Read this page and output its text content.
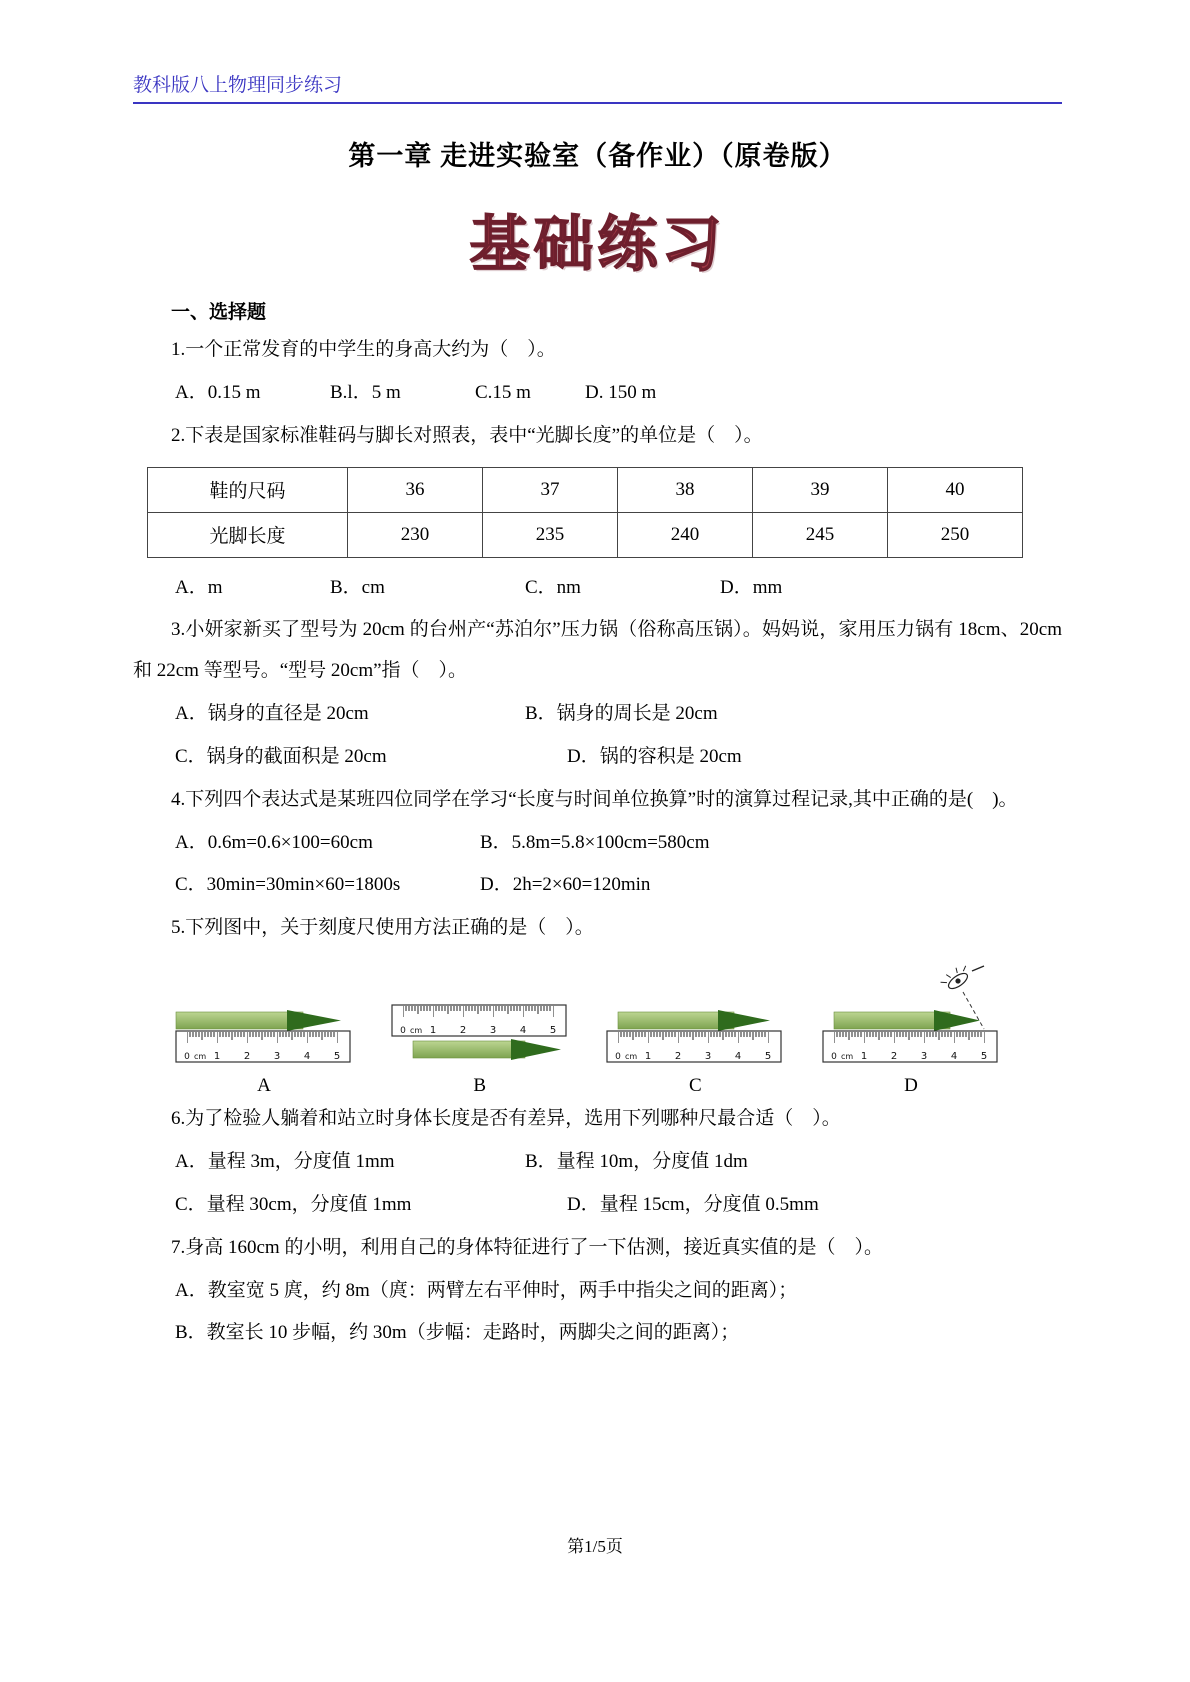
教科版八上物理同步练习
第一章 走进实验室（备作业）（原卷版）
基础练习
一、选择题

1.一个正常发育的中学生的身高大约为（　）。

A．0.15 m	B.l．5 m	C.15 m	D. 150 m

2.下表是国家标准鞋码与脚长对照表，表中“光脚长度”的单位是（　）。

鞋的尺码	36	37	38	39	40
光脚长度	230	235	240	245	250
A．m	B．cm	C．nm	D．mm

3.小妍家新买了型号为 20cm 的台州产“苏泊尔”压力锅（俗称高压锅）。妈妈说，家用压力锅有 18cm、20cm 和 22cm 等型号。“型号 20cm”指（　）。

A．锅身的直径是 20cm	B．锅身的周长是 20cm
C．锅身的截面积是 20cm	D．锅的容积是 20cm

4.下列四个表达式是某班四位同学在学习“长度与时间单位换算”时的演算过程记录,其中正确的是(　)。

A．0.6m=0.6×100=60cm	B．5.8m=5.8×100cm=580cm
C．30min=30min×60=1800s	D．2h=2×60=120min

5.下列图中，关于刻度尺使用方法正确的是（　）。

0 cm 1 2 3 4 5
A
0 cm 1 2 3 4 5
B
0 cm 1 2 3 4 5
C
0 cm 1 2 3 4 5
D

6.为了检验人躺着和站立时身体长度是否有差异，选用下列哪种尺最合适（　）。

A．量程 3m，分度值 1mm	B．量程 10m，分度值 1dm
C．量程 30cm，分度值 1mm	D．量程 15cm，分度值 0.5mm

7.身高 160cm 的小明，利用自己的身体特征进行了一下估测，接近真实值的是（　）。

A．教室宽 5 庹，约 8m（庹：两臂左右平伸时，两手中指尖之间的距离）；
B．教室长 10 步幅，约 30m（步幅：走路时，两脚尖之间的距离）；
第1/5页
